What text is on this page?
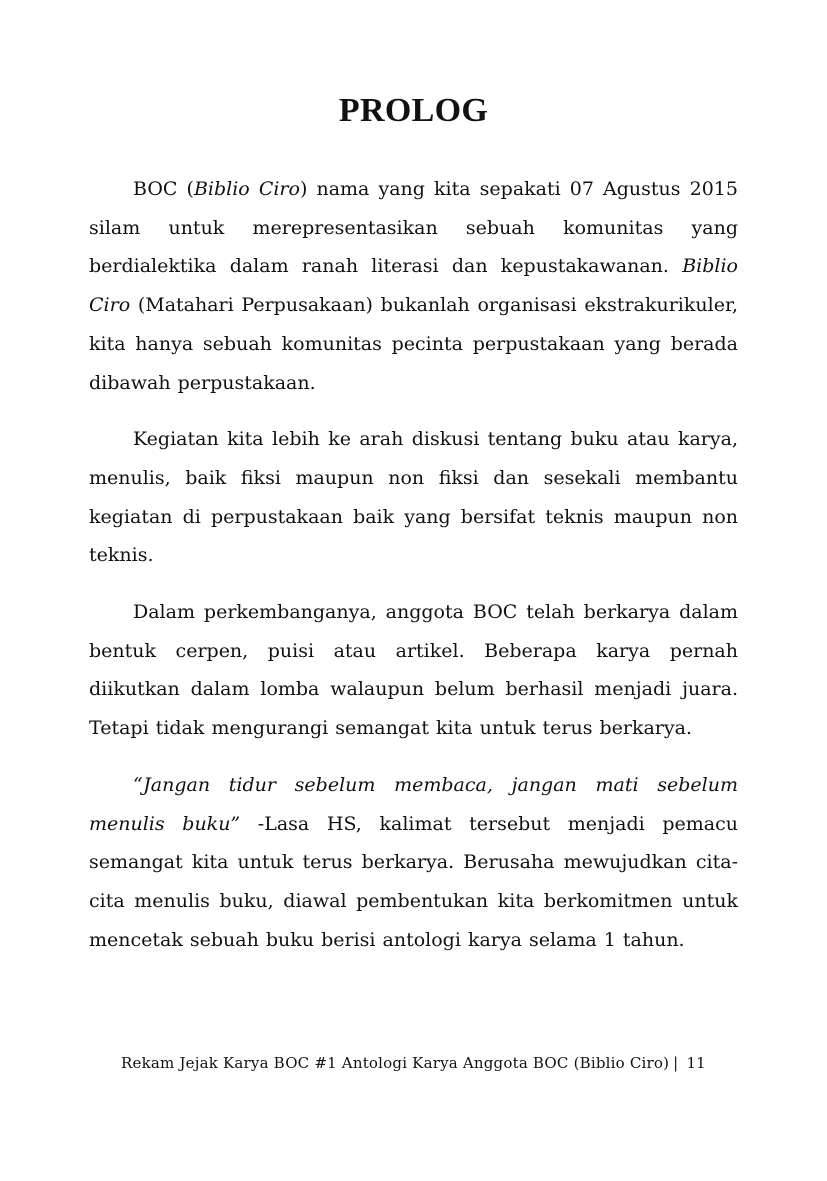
PROLOG

BOC (Biblio Ciro) nama yang kita sepakati 07 Agustus 2015 silam untuk merepresentasikan sebuah komunitas yang berdialektika dalam ranah literasi dan kepustakawanan. Biblio Ciro (Matahari Perpusakaan) bukanlah organisasi ekstrakurikuler, kita hanya sebuah komunitas pecinta perpustakaan yang berada dibawah perpustakaan.

Kegiatan kita lebih ke arah diskusi tentang buku atau karya, menulis, baik fiksi maupun non fiksi dan sesekali membantu kegiatan di perpustakaan baik yang bersifat teknis maupun non teknis.

Dalam perkembanganya, anggota BOC telah berkarya dalam bentuk cerpen, puisi atau artikel. Beberapa karya pernah diikutkan dalam lomba walaupun belum berhasil menjadi juara. Tetapi tidak mengurangi semangat kita untuk terus berkarya.

“Jangan tidur sebelum membaca, jangan mati sebelum menulis buku” -Lasa HS, kalimat tersebut menjadi pemacu semangat kita untuk terus berkarya. Berusaha mewujudkan cita-cita menulis buku, diawal pembentukan kita berkomitmen untuk mencetak sebuah buku berisi antologi karya selama 1 tahun.

Rekam Jejak Karya BOC #1 Antologi Karya Anggota BOC (Biblio Ciro) | 11
